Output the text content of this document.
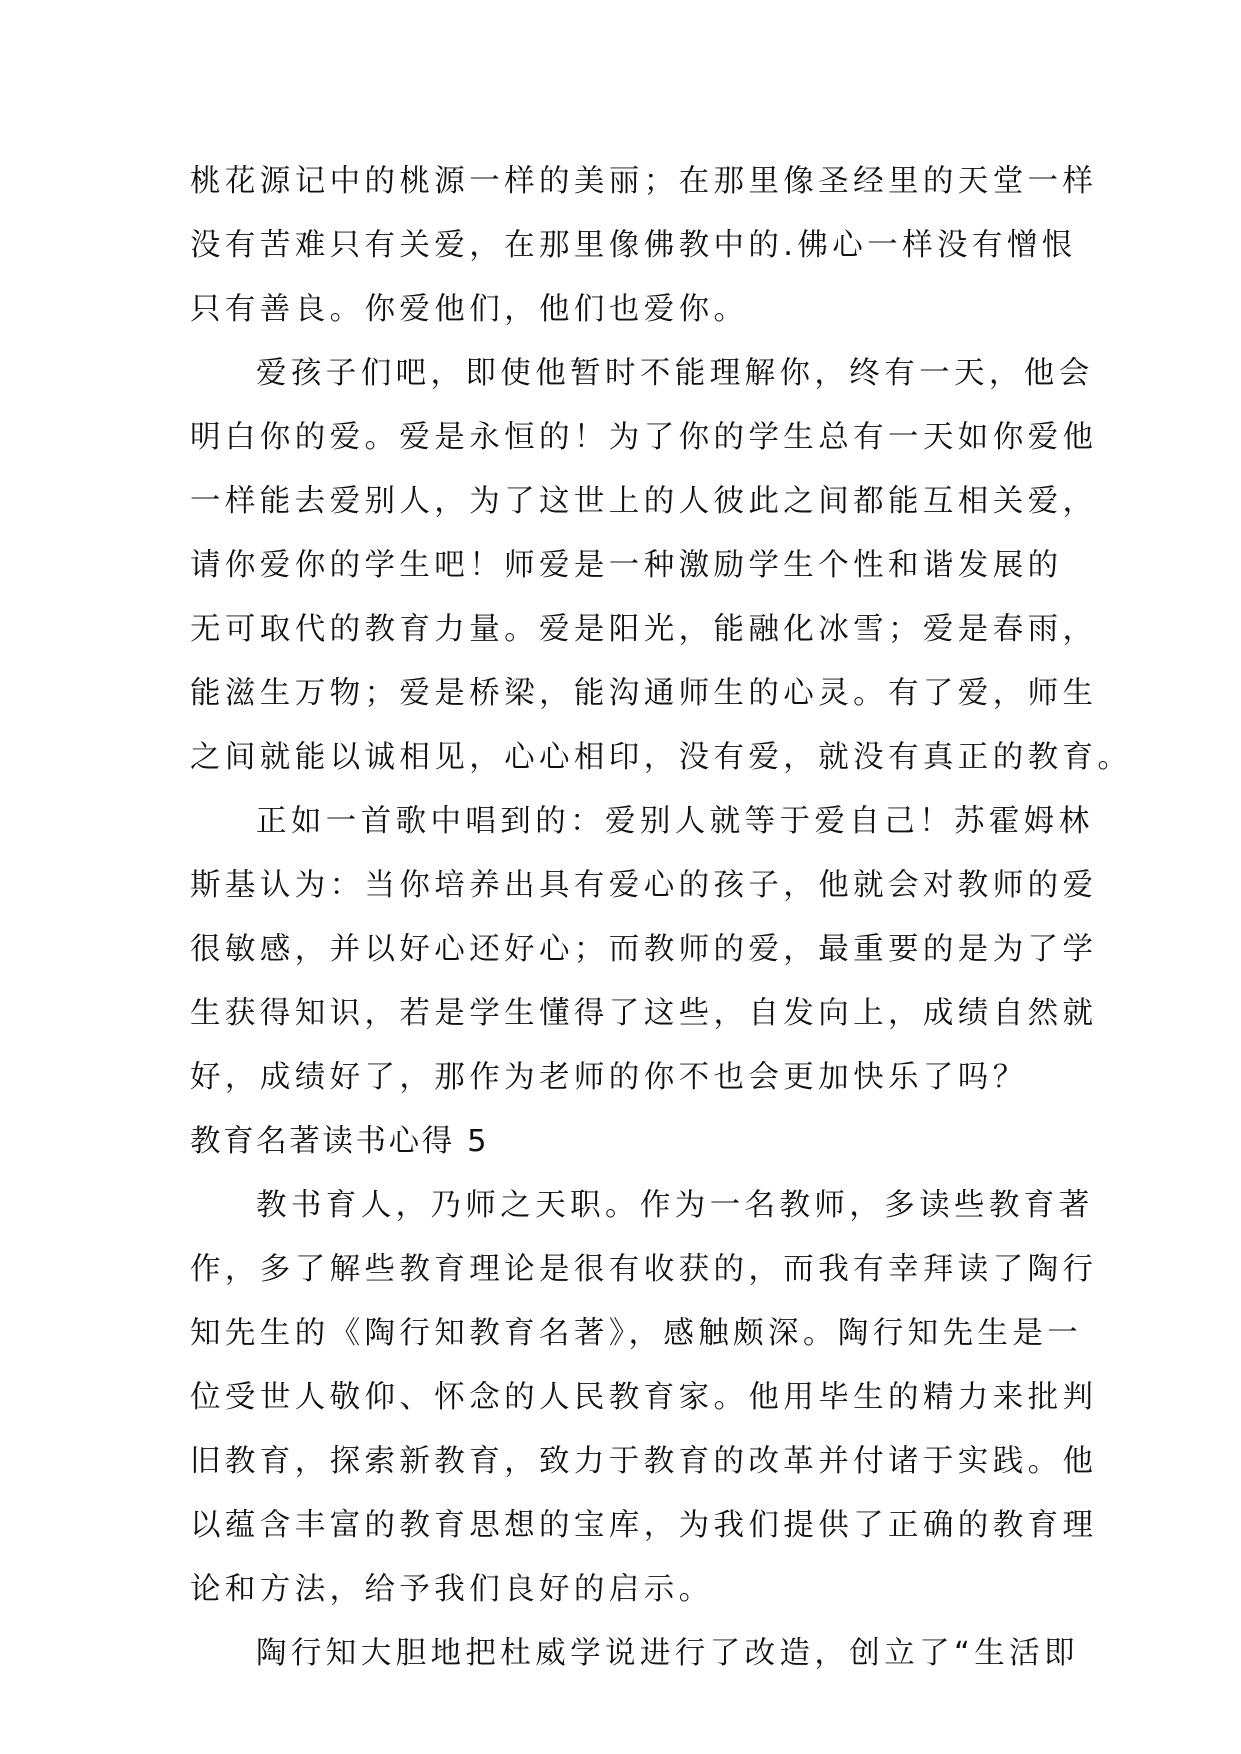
桃花源记中的桃源一样的美丽；在那里像圣经里的天堂一样
没有苦难只有关爱，在那里像佛教中的.佛心一样没有憎恨
只有善良。你爱他们，他们也爱你。
爱孩子们吧，即使他暂时不能理解你，终有一天，他会
明白你的爱。爱是永恒的！为了你的学生总有一天如你爱他
一样能去爱别人，为了这世上的人彼此之间都能互相关爱，
请你爱你的学生吧！师爱是一种激励学生个性和谐发展的
无可取代的教育力量。爱是阳光，能融化冰雪；爱是春雨，
能滋生万物；爱是桥梁，能沟通师生的心灵。有了爱，师生
之间就能以诚相见，心心相印，没有爱，就没有真正的教育。
正如一首歌中唱到的：爱别人就等于爱自己！苏霍姆林
斯基认为：当你培养出具有爱心的孩子，他就会对教师的爱
很敏感，并以好心还好心；而教师的爱，最重要的是为了学
生获得知识，若是学生懂得了这些，自发向上，成绩自然就
好，成绩好了，那作为老师的你不也会更加快乐了吗？
教育名著读书心得 5
教书育人，乃师之天职。作为一名教师，多读些教育著
作，多了解些教育理论是很有收获的，而我有幸拜读了陶行
知先生的《陶行知教育名著》，感触颇深。陶行知先生是一
位受世人敬仰、怀念的人民教育家。他用毕生的精力来批判
旧教育，探索新教育，致力于教育的改革并付诸于实践。他
以蕴含丰富的教育思想的宝库，为我们提供了正确的教育理
论和方法，给予我们良好的启示。
陶行知大胆地把杜威学说进行了改造，创立了“生活即
